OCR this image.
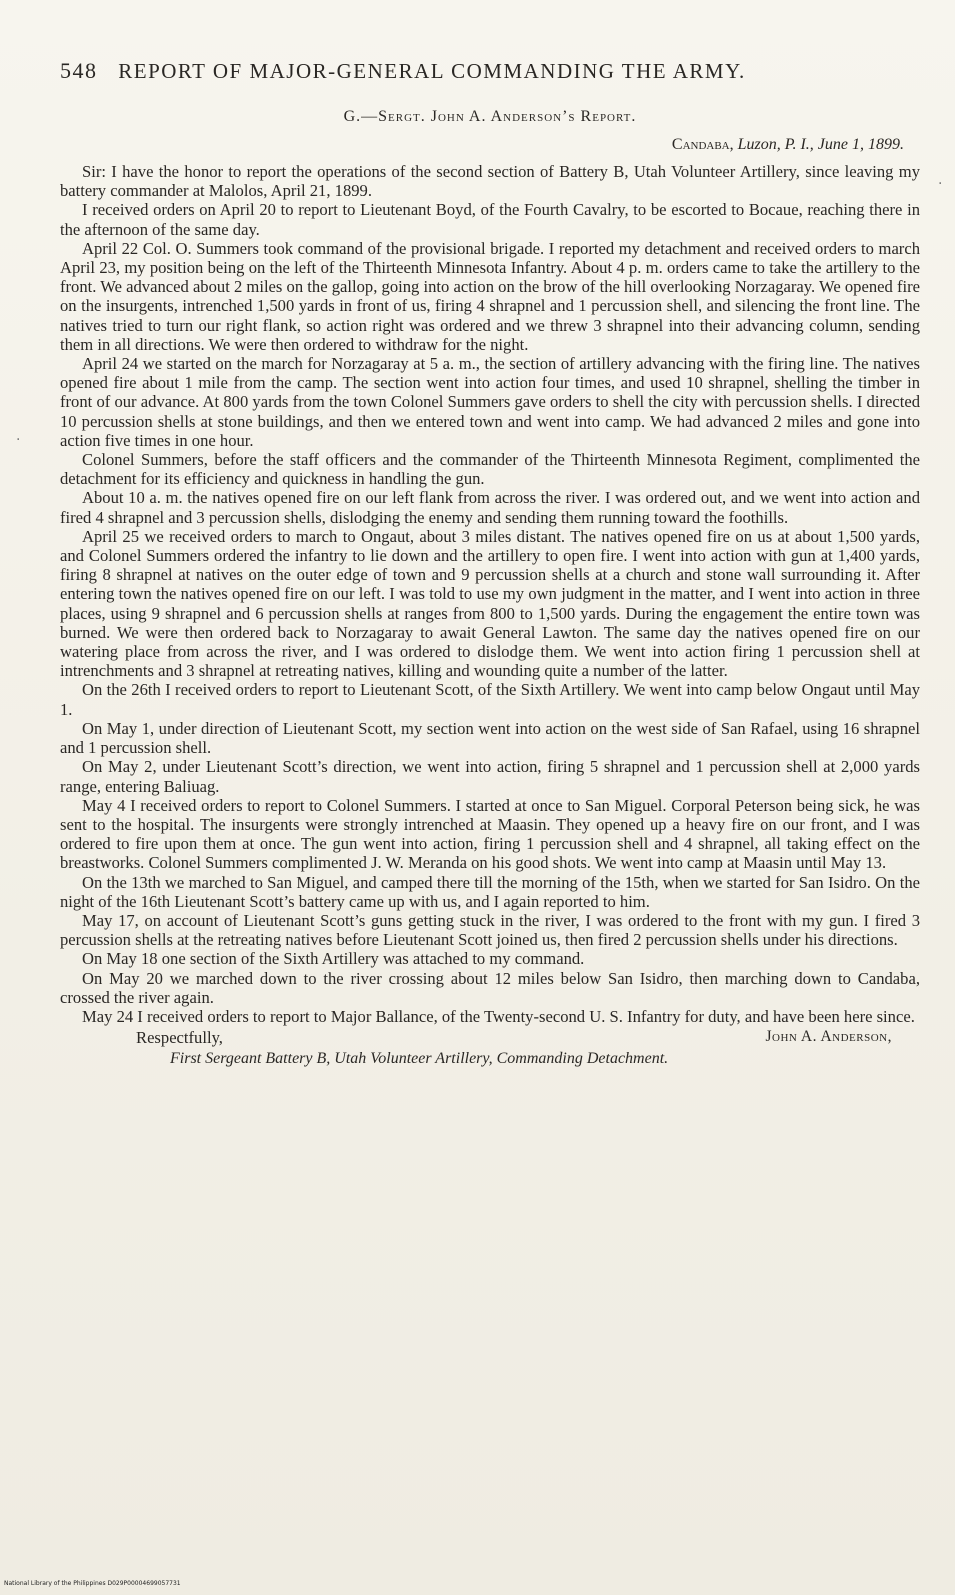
548 REPORT OF MAJOR-GENERAL COMMANDING THE ARMY.
G.—Sergt. John A. Anderson’s Report.
Candaba, Luzon, P. I., June 1, 1899.

Sir: I have the honor to report the operations of the second section of Battery B, Utah Volunteer Artillery, since leaving my battery commander at Malolos, April 21, 1899.

I received orders on April 20 to report to Lieutenant Boyd, of the Fourth Cavalry, to be escorted to Bocaue, reaching there in the afternoon of the same day.

April 22 Col. O. Summers took command of the provisional brigade. I reported my detachment and received orders to march April 23, my position being on the left of the Thirteenth Minnesota Infantry. About 4 p. m. orders came to take the artillery to the front. We advanced about 2 miles on the gallop, going into action on the brow of the hill overlooking Norzagaray. We opened fire on the insurgents, intrenched 1,500 yards in front of us, firing 4 shrapnel and 1 percussion shell, and silencing the front line. The natives tried to turn our right flank, so action right was ordered and we threw 3 shrapnel into their advancing column, sending them in all directions. We were then ordered to withdraw for the night.

April 24 we started on the march for Norzagaray at 5 a. m., the section of artillery advancing with the firing line. The natives opened fire about 1 mile from the camp. The section went into action four times, and used 10 shrapnel, shelling the timber in front of our advance. At 800 yards from the town Colonel Summers gave orders to shell the city with percussion shells. I directed 10 percussion shells at stone buildings, and then we entered town and went into camp. We had advanced 2 miles and gone into action five times in one hour.

Colonel Summers, before the staff officers and the commander of the Thirteenth Minnesota Regiment, complimented the detachment for its efficiency and quickness in handling the gun.

About 10 a. m. the natives opened fire on our left flank from across the river. I was ordered out, and we went into action and fired 4 shrapnel and 3 percussion shells, dislodging the enemy and sending them running toward the foothills.

April 25 we received orders to march to Ongaut, about 3 miles distant. The natives opened fire on us at about 1,500 yards, and Colonel Summers ordered the infantry to lie down and the artillery to open fire. I went into action with gun at 1,400 yards, firing 8 shrapnel at natives on the outer edge of town and 9 percussion shells at a church and stone wall surrounding it. After entering town the natives opened fire on our left. I was told to use my own judgment in the matter, and I went into action in three places, using 9 shrapnel and 6 percussion shells at ranges from 800 to 1,500 yards. During the engagement the entire town was burned. We were then ordered back to Norzagaray to await General Lawton. The same day the natives opened fire on our watering place from across the river, and I was ordered to dislodge them. We went into action firing 1 percussion shell at intrenchments and 3 shrapnel at retreating natives, killing and wounding quite a number of the latter.

On the 26th I received orders to report to Lieutenant Scott, of the Sixth Artillery. We went into camp below Ongaut until May 1.

On May 1, under direction of Lieutenant Scott, my section went into action on the west side of San Rafael, using 16 shrapnel and 1 percussion shell.

On May 2, under Lieutenant Scott’s direction, we went into action, firing 5 shrapnel and 1 percussion shell at 2,000 yards range, entering Baliuag.

May 4 I received orders to report to Colonel Summers. I started at once to San Miguel. Corporal Peterson being sick, he was sent to the hospital. The insurgents were strongly intrenched at Maasin. They opened up a heavy fire on our front, and I was ordered to fire upon them at once. The gun went into action, firing 1 percussion shell and 4 shrapnel, all taking effect on the breastworks. Colonel Summers complimented J. W. Meranda on his good shots. We went into camp at Maasin until May 13.

On the 13th we marched to San Miguel, and camped there till the morning of the 15th, when we started for San Isidro. On the night of the 16th Lieutenant Scott’s battery came up with us, and I again reported to him.

May 17, on account of Lieutenant Scott’s guns getting stuck in the river, I was ordered to the front with my gun. I fired 3 percussion shells at the retreating natives before Lieutenant Scott joined us, then fired 2 percussion shells under his directions.

On May 18 one section of the Sixth Artillery was attached to my command.

On May 20 we marched down to the river crossing about 12 miles below San Isidro, then marching down to Candaba, crossed the river again.

May 24 I received orders to report to Major Ballance, of the Twenty-second U. S. Infantry for duty, and have been here since.

John A. Anderson,
Respectfully,
First Sergeant Battery B, Utah Volunteer Artillery, Commanding Detachment.
·
·
National Library of the Philippines D029P00004699057731
